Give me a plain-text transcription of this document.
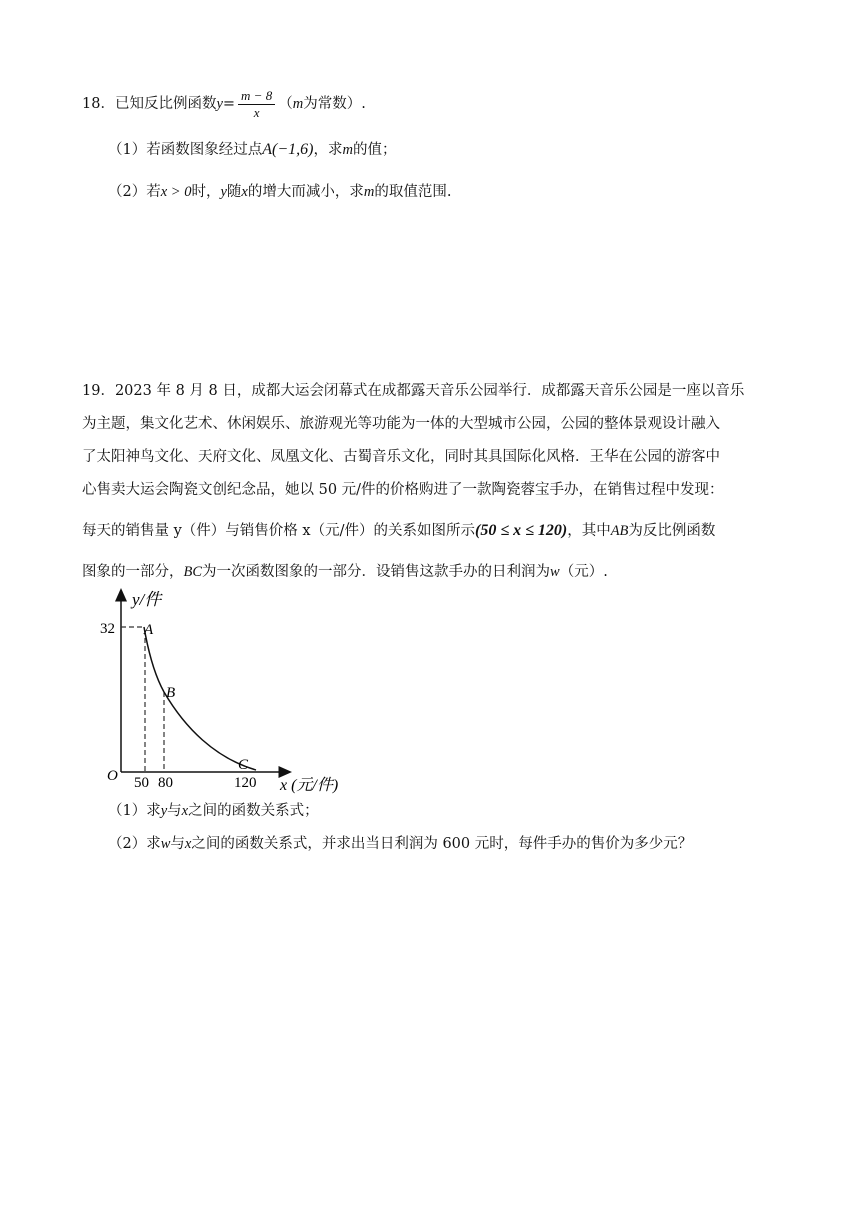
18．已知反比例函数$y= \frac{m - 8}{x} (m$为常数）.
（1）若函数图象经过点A(−1,6)，求m的值；
（2）若x > 0时，y随x的增大而减小，求m的取值范围.
19．2023 年 8 月 8 日，成都大运会闭幕式在成都露天音乐公园举行．成都露天音乐公园是一座以音乐
为主题，集文化艺术、休闲娱乐、旅游观光等功能为一体的大型城市公园，公园的整体景观设计融入
了太阳神鸟文化、天府文化、凤凰文化、古蜀音乐文化，同时其具国际化风格．王华在公园的游客中
心售卖大运会陶瓷文创纪念品，她以 50 元/件的价格购进了一款陶瓷蓉宝手办，在销售过程中发现：
每天的销售量 y（件）与销售价格 x（元/件）的关系如图所示(50 ≤ x ≤ 120)，其中AB为反比例函数
图象的一部分，BC为一次函数图象的一部分．设销售这款手办的日利润为w（元）.
y/件
32 A
B
C
O 50 80	120 x (元/件)
（1）求y与x之间的函数关系式；
（2）求w与x之间的函数关系式，并求出当日利润为 600 元时，每件手办的售价为多少元？
